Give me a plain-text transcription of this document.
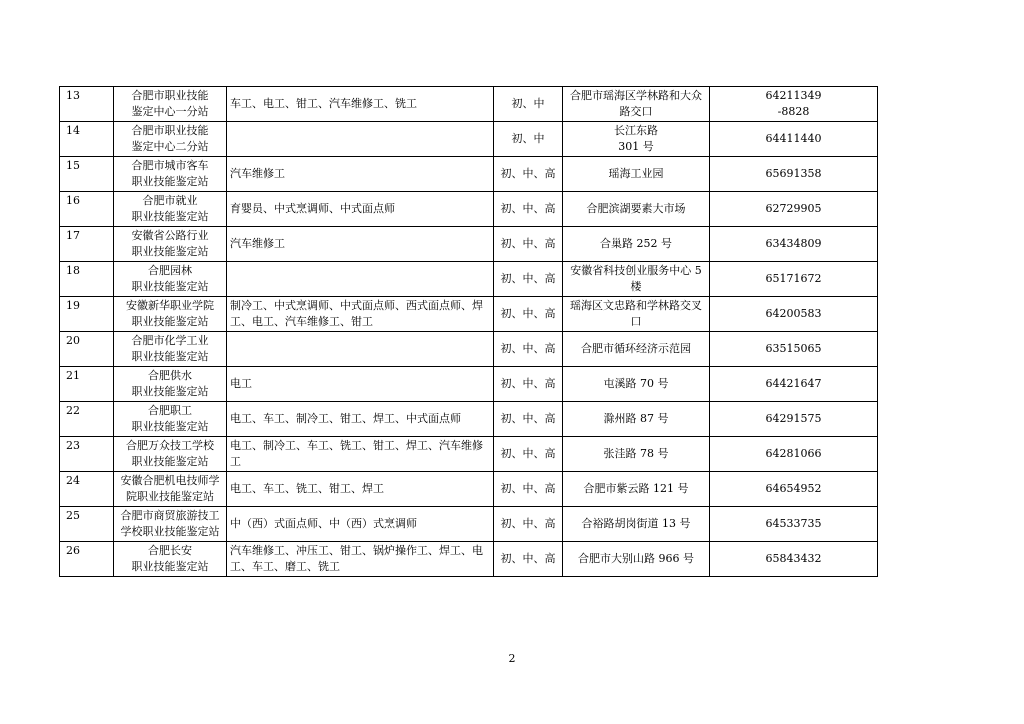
13	合肥市职业技能
鉴定中心一分站	车工、电工、钳工、汽车维修工、铣工	初、中	合肥市瑶海区学林路和大众
路交口	64211349
-8828

14	合肥市职业技能
鉴定中心二分站		初、中	长江东路
301 号	64411440

15	合肥市城市客车
职业技能鉴定站	汽车维修工	初、中、高	瑶海工业园	65691358

16	合肥市就业
职业技能鉴定站	育婴员、中式烹调师、中式面点师	初、中、高	合肥滨湖要素大市场	62729905

17	安徽省公路行业
职业技能鉴定站	汽车维修工	初、中、高	合巢路 252 号	63434809

18	合肥园林
职业技能鉴定站		初、中、高	安徽省科技创业服务中心 5
楼	65171672

19	安徽新华职业学院
职业技能鉴定站	制冷工、中式烹调师、中式面点师、西式面点师、焊
工、电工、汽车维修工、钳工	初、中、高	瑶海区文忠路和学林路交叉
口	64200583

20	合肥市化学工业
职业技能鉴定站		初、中、高	合肥市循环经济示范园	63515065

21	合肥供水
职业技能鉴定站	电工	初、中、高	屯溪路 70 号	64421647

22	合肥职工
职业技能鉴定站	电工、车工、制冷工、钳工、焊工、中式面点师	初、中、高	滁州路 87 号	64291575

23	合肥万众技工学校
职业技能鉴定站	电工、制冷工、车工、铣工、钳工、焊工、汽车维修
工	初、中、高	张洼路 78 号	64281066

24	安徽合肥机电技师学
院职业技能鉴定站	电工、车工、铣工、钳工、焊工	初、中、高	合肥市紫云路 121 号	64654952

25	合肥市商贸旅游技工
学校职业技能鉴定站	中（西）式面点师、中（西）式烹调师	初、中、高	合裕路胡岗街道 13 号	64533735

26	合肥长安
职业技能鉴定站	汽车维修工、冲压工、钳工、锅炉操作工、焊工、电
工、车工、磨工、铣工	初、中、高	合肥市大别山路 966 号	65843432
2
